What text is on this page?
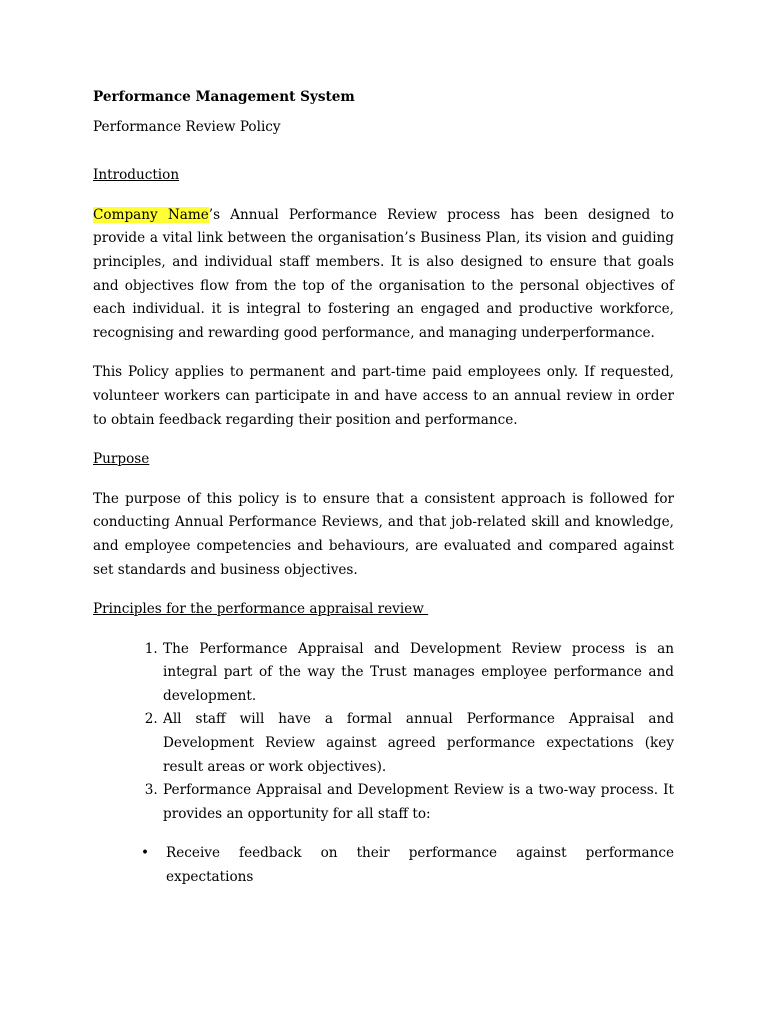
Performance Management System

Performance Review Policy

Introduction

Company Name’s Annual Performance Review process has been designed to provide a vital link between the organisation’s Business Plan, its vision and guiding principles, and individual staff members. It is also designed to ensure that goals and objectives flow from the top of the organisation to the personal objectives of each individual. it is integral to fostering an engaged and productive workforce, recognising and rewarding good performance, and managing underperformance.

This Policy applies to permanent and part-time paid employees only. If requested, volunteer workers can participate in and have access to an annual review in order to obtain feedback regarding their position and performance.

Purpose

The purpose of this policy is to ensure that a consistent approach is followed for conducting Annual Performance Reviews, and that job-related skill and knowledge, and employee competencies and behaviours, are evaluated and compared against set standards and business objectives.

Principles for the performance appraisal review

1. The Performance Appraisal and Development Review process is an integral part of the way the Trust manages employee performance and development.
2. All staff will have a formal annual Performance Appraisal and Development Review against agreed performance expectations (key result areas or work objectives).
3. Performance Appraisal and Development Review is a two-way process. It provides an opportunity for all staff to:
• Receive feedback on their performance against performance expectations
